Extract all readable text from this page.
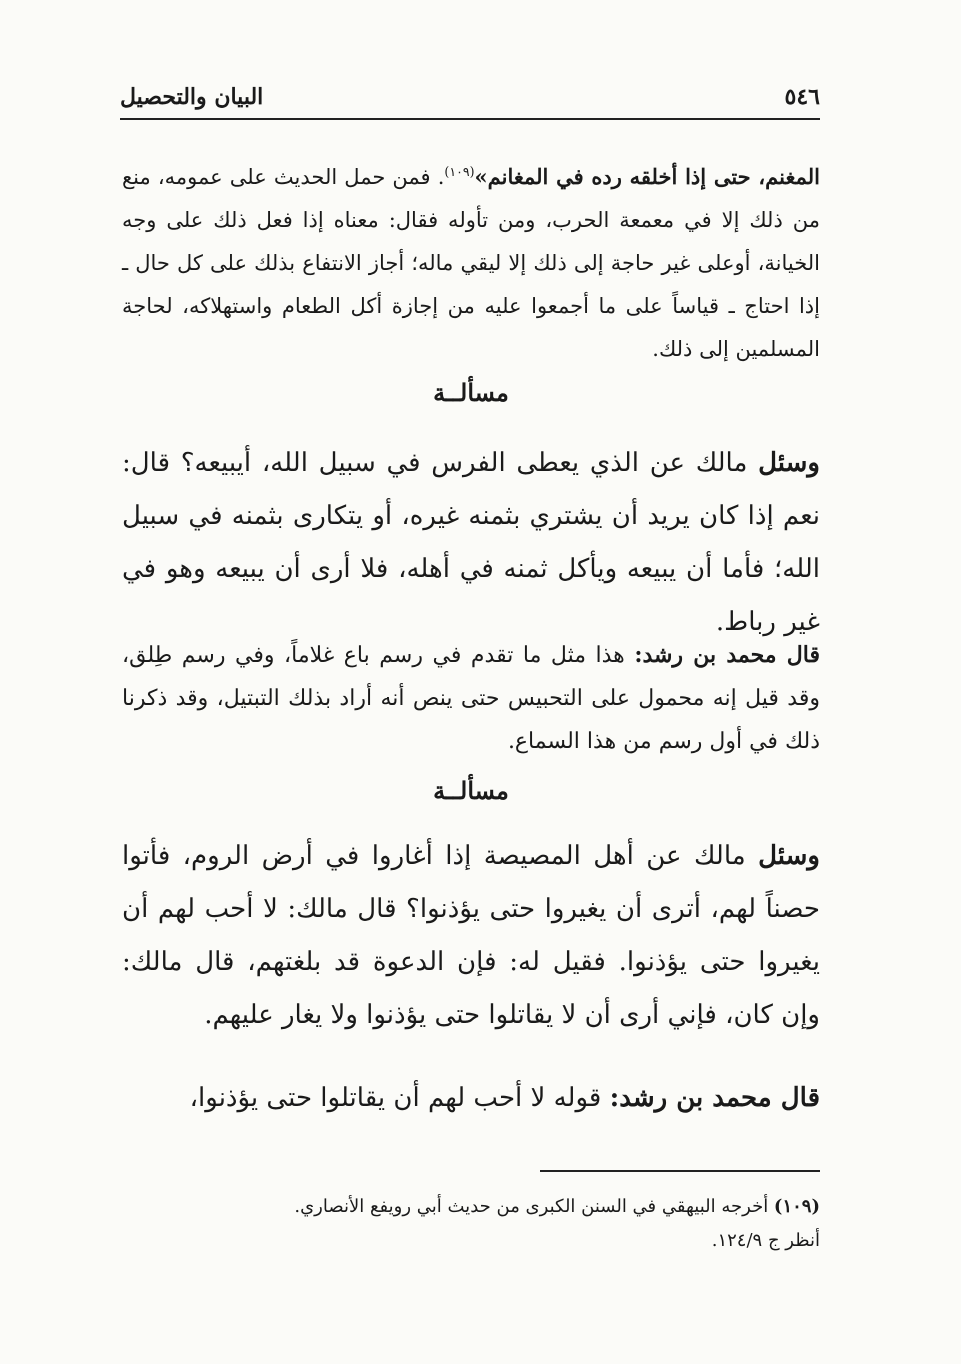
٥٤٦
البيان والتحصيل

المغنم، حتى إذا أخلقه رده في المغانم»$^{(١٠٩)}$. فمن حمل الحديث على عمومه، منع من ذلك إلا في معمعة الحرب، ومن تأوله فقال: معناه إذا فعل ذلك على وجه الخيانة، أوعلى غير حاجة إلى ذلك إلا ليقي ماله؛ أجاز الانتفاع بذلك على كل حال ـ إذا احتاج ـ قياساً على ما أجمعوا عليه من إجازة أكل الطعام واستهلاكه، لحاجة المسلمين إلى ذلك.

مسألــة

وسئل مالك عن الذي يعطى الفرس في سبيل الله، أيبيعه؟ قال: نعم إذا كان يريد أن يشتري بثمنه غيره، أو يتكارى بثمنه في سبيل الله؛ فأما أن يبيعه ويأكل ثمنه في أهله، فلا أرى أن يبيعه وهو في غير رباط.

قال محمد بن رشد: هذا مثل ما تقدم في رسم باع غلاماً، وفي رسم طِلق، وقد قيل إنه محمول على التحبيس حتى ينص أنه أراد بذلك التبتيل، وقد ذكرنا ذلك في أول رسم من هذا السماع.

مسألــة

وسئل مالك عن أهل المصيصة إذا أغاروا في أرض الروم، فأتوا حصناً لهم، أترى أن يغيروا حتى يؤذنوا؟ قال مالك: لا أحب لهم أن يغيروا حتى يؤذنوا. فقيل له: فإن الدعوة قد بلغتهم، قال مالك: وإن كان، فإني أرى أن لا يقاتلوا حتى يؤذنوا ولا يغار عليهم.

قال محمد بن رشد: قوله لا أحب لهم أن يقاتلوا حتى يؤذنوا،

(١٠٩) أخرجه البيهقي في السنن الكبرى من حديث أبي رويفع الأنصاري.
أنظر ج ١٢٤/٩.
